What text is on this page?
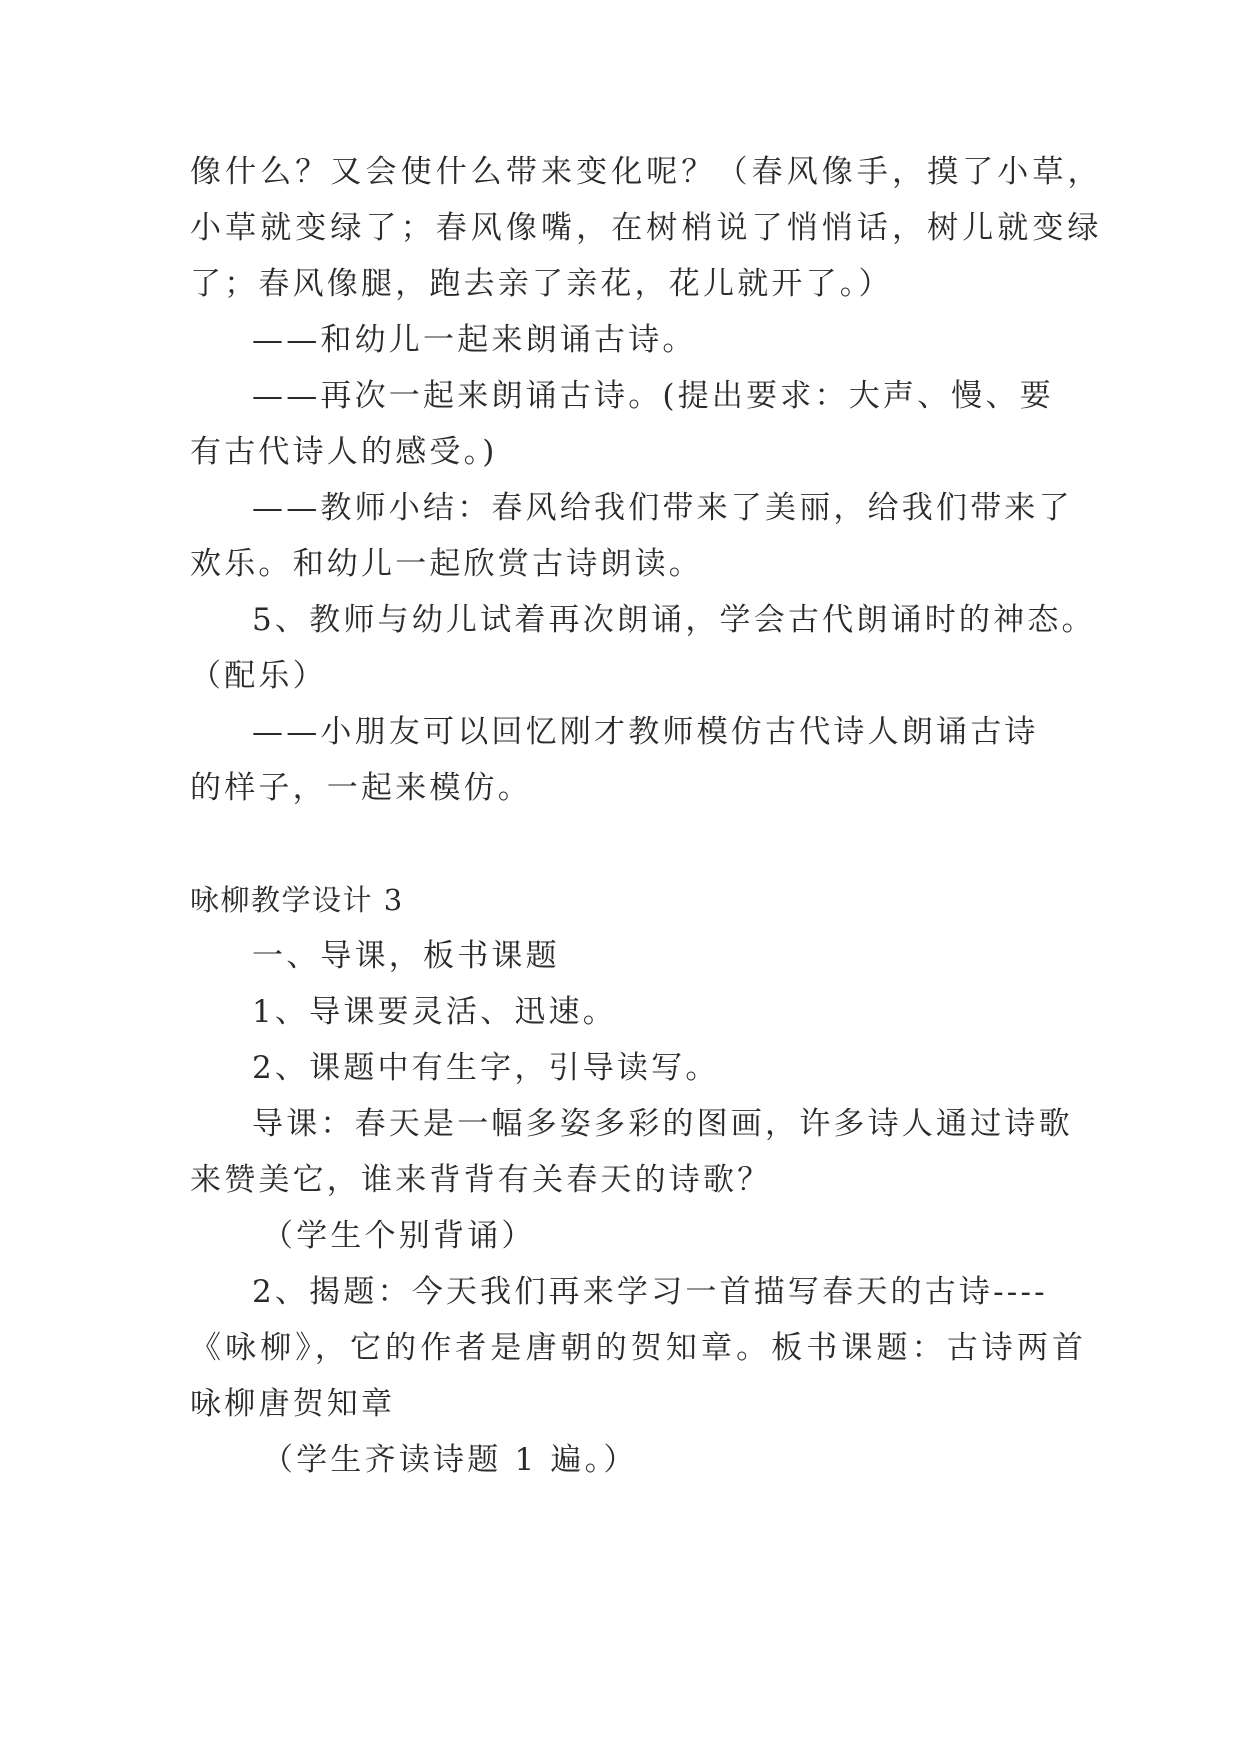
像什么？又会使什么带来变化呢？（春风像手，摸了小草，
小草就变绿了；春风像嘴，在树梢说了悄悄话，树儿就变绿
了；春风像腿，跑去亲了亲花，花儿就开了。）
——和幼儿一起来朗诵古诗。
——再次一起来朗诵古诗。(提出要求：大声、慢、要
有古代诗人的感受。)
——教师小结：春风给我们带来了美丽，给我们带来了
欢乐。和幼儿一起欣赏古诗朗读。
5、教师与幼儿试着再次朗诵，学会古代朗诵时的神态。
（配乐）
——小朋友可以回忆刚才教师模仿古代诗人朗诵古诗
的样子，一起来模仿。
咏柳教学设计 3
一、导课，板书课题
1、导课要灵活、迅速。
2、课题中有生字，引导读写。
导课：春天是一幅多姿多彩的图画，许多诗人通过诗歌
来赞美它，谁来背背有关春天的诗歌？
（学生个别背诵）
2、揭题：今天我们再来学习一首描写春天的古诗----
《咏柳》，它的作者是唐朝的贺知章。板书课题：古诗两首
咏柳唐贺知章
（学生齐读诗题 1 遍。）
